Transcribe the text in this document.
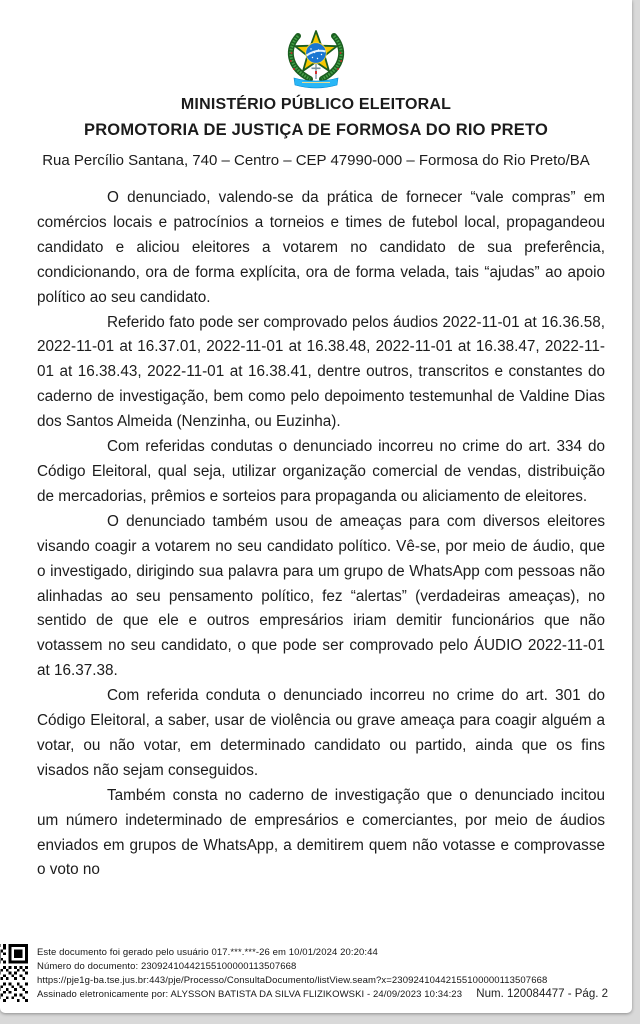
MINISTÉRIO PÚBLICO ELEITORAL
PROMOTORIA DE JUSTIÇA DE FORMOSA DO RIO PRETO
Rua Percílio Santana, 740 – Centro – CEP 47990-000 – Formosa do Rio Preto/BA

O denunciado, valendo-se da prática de fornecer “vale compras” em comércios locais e patrocínios a torneios e times de futebol local, propagandeou candidato e aliciou eleitores a votarem no candidato de sua preferência, condicionando, ora de forma explícita, ora de forma velada, tais “ajudas” ao apoio político ao seu candidato.

Referido fato pode ser comprovado pelos áudios 2022-11-01 at 16.36.58, 2022-11-01 at 16.37.01, 2022-11-01 at 16.38.48, 2022-11-01 at 16.38.47, 2022-11-01 at 16.38.43, 2022-11-01 at 16.38.41, dentre outros, transcritos e constantes do caderno de investigação, bem como pelo depoimento testemunhal de Valdine Dias dos Santos Almeida (Nenzinha, ou Euzinha).

Com referidas condutas o denunciado incorreu no crime do art. 334 do Código Eleitoral, qual seja, utilizar organização comercial de vendas, distribuição de mercadorias, prêmios e sorteios para propaganda ou aliciamento de eleitores.

O denunciado também usou de ameaças para com diversos eleitores visando coagir a votarem no seu candidato político. Vê-se, por meio de áudio, que o investigado, dirigindo sua palavra para um grupo de WhatsApp com pessoas não alinhadas ao seu pensamento político, fez “alertas” (verdadeiras ameaças), no sentido de que ele e outros empresários iriam demitir funcionários que não votassem no seu candidato, o que pode ser comprovado pelo ÁUDIO 2022-11-01 at 16.37.38.

Com referida conduta o denunciado incorreu no crime do art. 301 do Código Eleitoral, a saber, usar de violência ou grave ameaça para coagir alguém a votar, ou não votar, em determinado candidato ou partido, ainda que os fins visados não sejam conseguidos.

Também consta no caderno de investigação que o denunciado incitou um número indeterminado de empresários e comerciantes, por meio de áudios enviados em grupos de WhatsApp, a demitirem quem não votasse e comprovasse o voto no

Este documento foi gerado pelo usuário 017.***.***-26 em 10/01/2024 20:20:44
Número do documento: 23092410442155100000113507668
https://pje1g-ba.tse.jus.br:443/pje/Processo/ConsultaDocumento/listView.seam?x=23092410442155100000113507668
Assinado eletronicamente por: ALYSSON BATISTA DA SILVA FLIZIKOWSKI - 24/09/2023 10:34:23	Num. 120084477 - Pág. 2
